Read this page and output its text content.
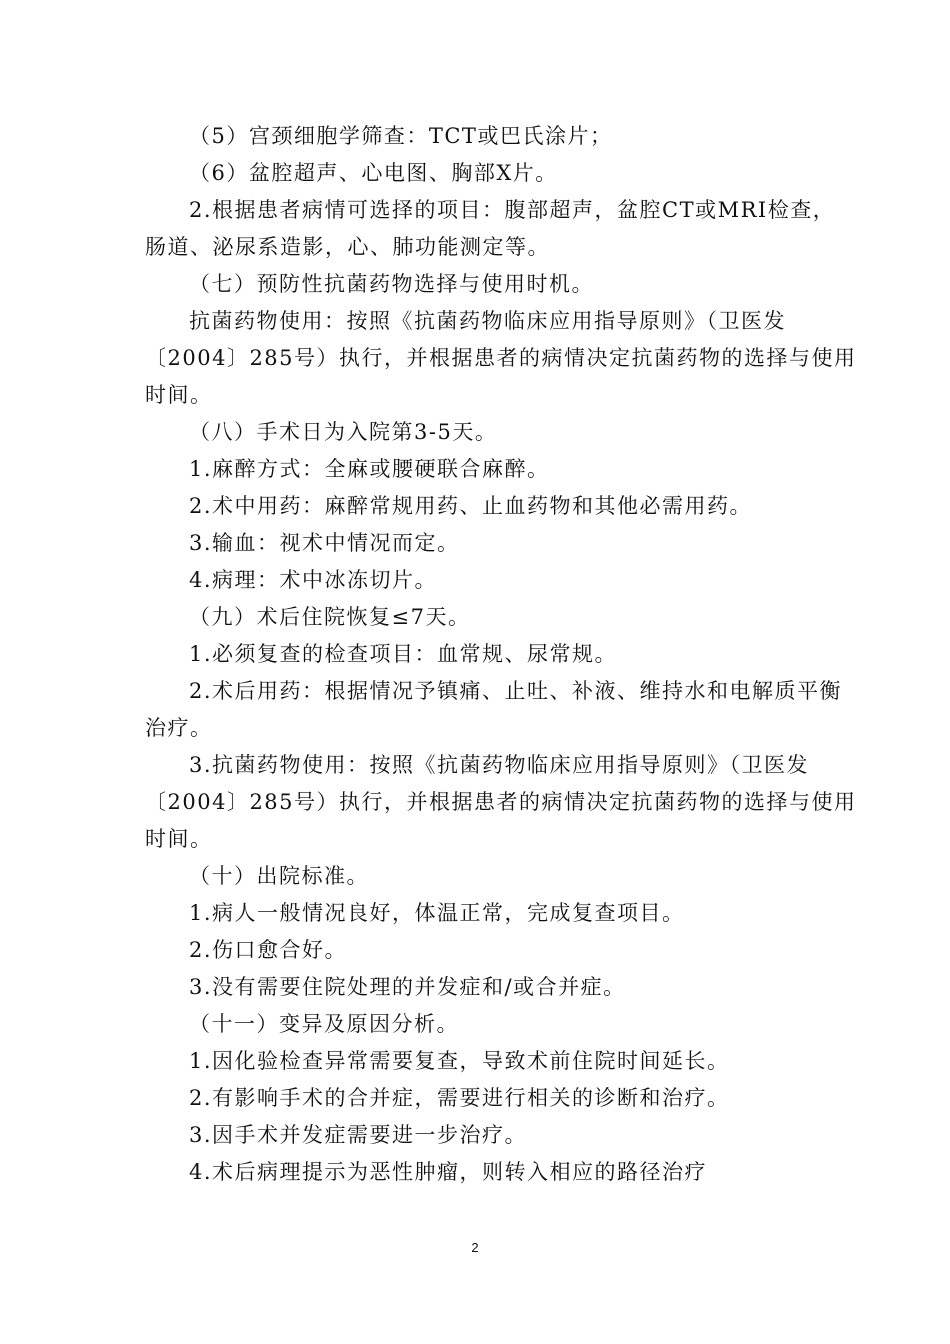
（5）宫颈细胞学筛查：TCT或巴氏涂片；
（6）盆腔超声、心电图、胸部X片。
2.根据患者病情可选择的项目：腹部超声，盆腔CT或MRI检查，
肠道、泌尿系造影，心、肺功能测定等。
（七）预防性抗菌药物选择与使用时机。
抗菌药物使用：按照《抗菌药物临床应用指导原则》（卫医发
〔2004〕285号）执行，并根据患者的病情决定抗菌药物的选择与使用
时间。
（八）手术日为入院第3-5天。
1.麻醉方式：全麻或腰硬联合麻醉。
2.术中用药：麻醉常规用药、止血药物和其他必需用药。
3.输血：视术中情况而定。
4.病理：术中冰冻切片。
（九）术后住院恢复≤7天。
1.必须复查的检查项目：血常规、尿常规。
2.术后用药：根据情况予镇痛、止吐、补液、维持水和电解质平衡
治疗。
3.抗菌药物使用：按照《抗菌药物临床应用指导原则》（卫医发
〔2004〕285号）执行，并根据患者的病情决定抗菌药物的选择与使用
时间。
（十）出院标准。
1.病人一般情况良好，体温正常，完成复查项目。
2.伤口愈合好。
3.没有需要住院处理的并发症和/或合并症。
（十一）变异及原因分析。
1.因化验检查异常需要复查，导致术前住院时间延长。
2.有影响手术的合并症，需要进行相关的诊断和治疗。
3.因手术并发症需要进一步治疗。
4.术后病理提示为恶性肿瘤，则转入相应的路径治疗
2
